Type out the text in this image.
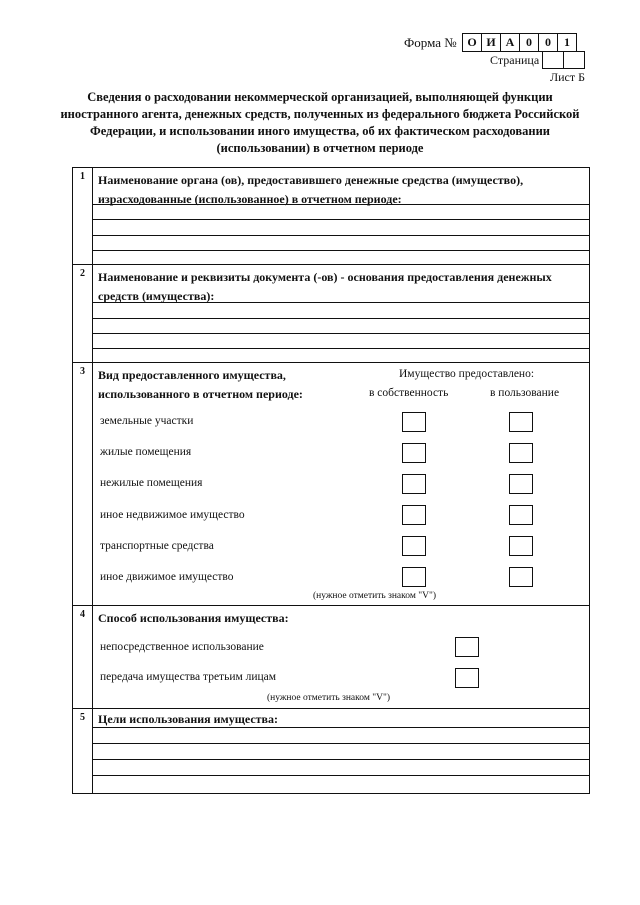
Форма № О И А 0	0	1
Страница
Лист Б
Сведения о расходовании некоммерческой организацией, выполняющей функции иностранного агента, денежных средств, полученных из федерального бюджета Российской Федерации, и использовании иного имущества, об их фактическом расходовании (использовании) в отчетном периоде
1	Наименование органа (ов), предоставившего денежные средства (имущество), израсходованные (использованное) в отчетном периоде:
2	Наименование и реквизиты документа (-ов) - основания предоставления денежных средств (имущества):
3	Вид предоставленного имущества, использованного в отчетном периоде:
Имущество предоставлено:
в собственность	в пользование
земельные участки
жилые помещения
нежилые помещения
иное недвижимое имущество
транспортные средства
иное движимое имущество
(нужное отметить знаком "V")
4	Способ использования имущества:
непосредственное использование
передача имущества третьим лицам
(нужное отметить знаком "V")
5	Цели использования имущества:
